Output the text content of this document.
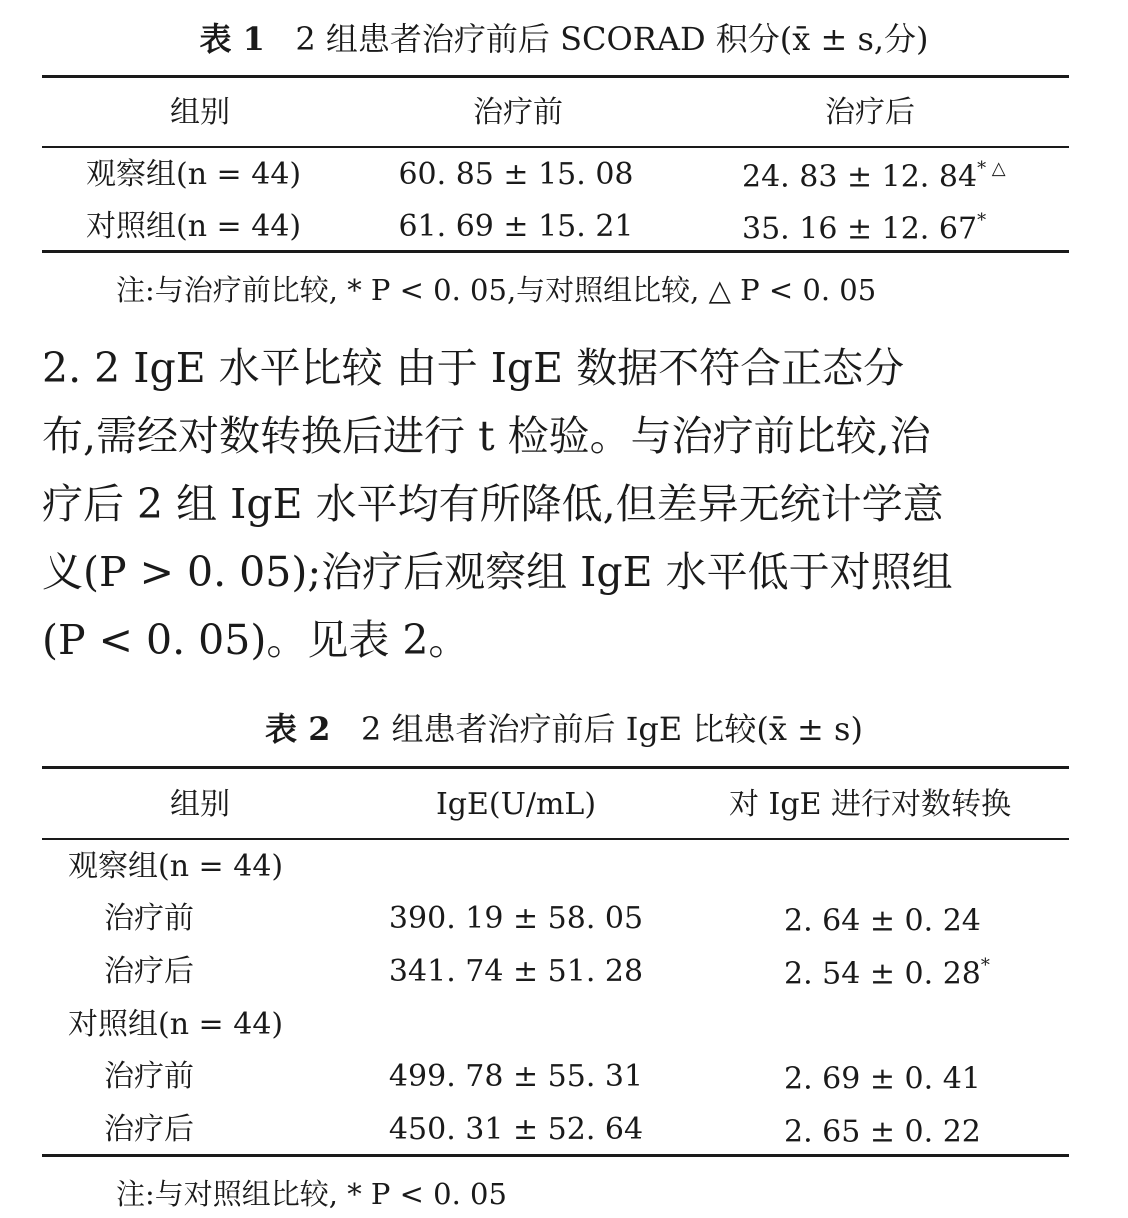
表 1 2 组患者治疗前后 SCORAD 积分(x̄ ± s,分)
组别	治疗前	治疗后
观察组(n = 44)	60. 85 ± 15. 08	24. 83 ± 12. 84* △
对照组(n = 44)	61. 69 ± 15. 21	35. 16 ± 12. 67*
注:与治疗前比较, * P < 0. 05,与对照组比较, △ P < 0. 05
2. 2 IgE 水平比较 由于 IgE 数据不符合正态分
布,需经对数转换后进行 t 检验。与治疗前比较,治
疗后 2 组 IgE 水平均有所降低,但差异无统计学意
义(P > 0. 05);治疗后观察组 IgE 水平低于对照组
(P < 0. 05)。见表 2。
表 2 2 组患者治疗前后 IgE 比较(x̄ ± s)
组别	IgE(U/mL)	对 IgE 进行对数转换
观察组(n = 44)
治疗前	390. 19 ± 58. 05	2. 64 ± 0. 24
治疗后	341. 74 ± 51. 28	2. 54 ± 0. 28*
对照组(n = 44)
治疗前	499. 78 ± 55. 31	2. 69 ± 0. 41
治疗后	450. 31 ± 52. 64	2. 65 ± 0. 22
注:与对照组比较, * P < 0. 05
